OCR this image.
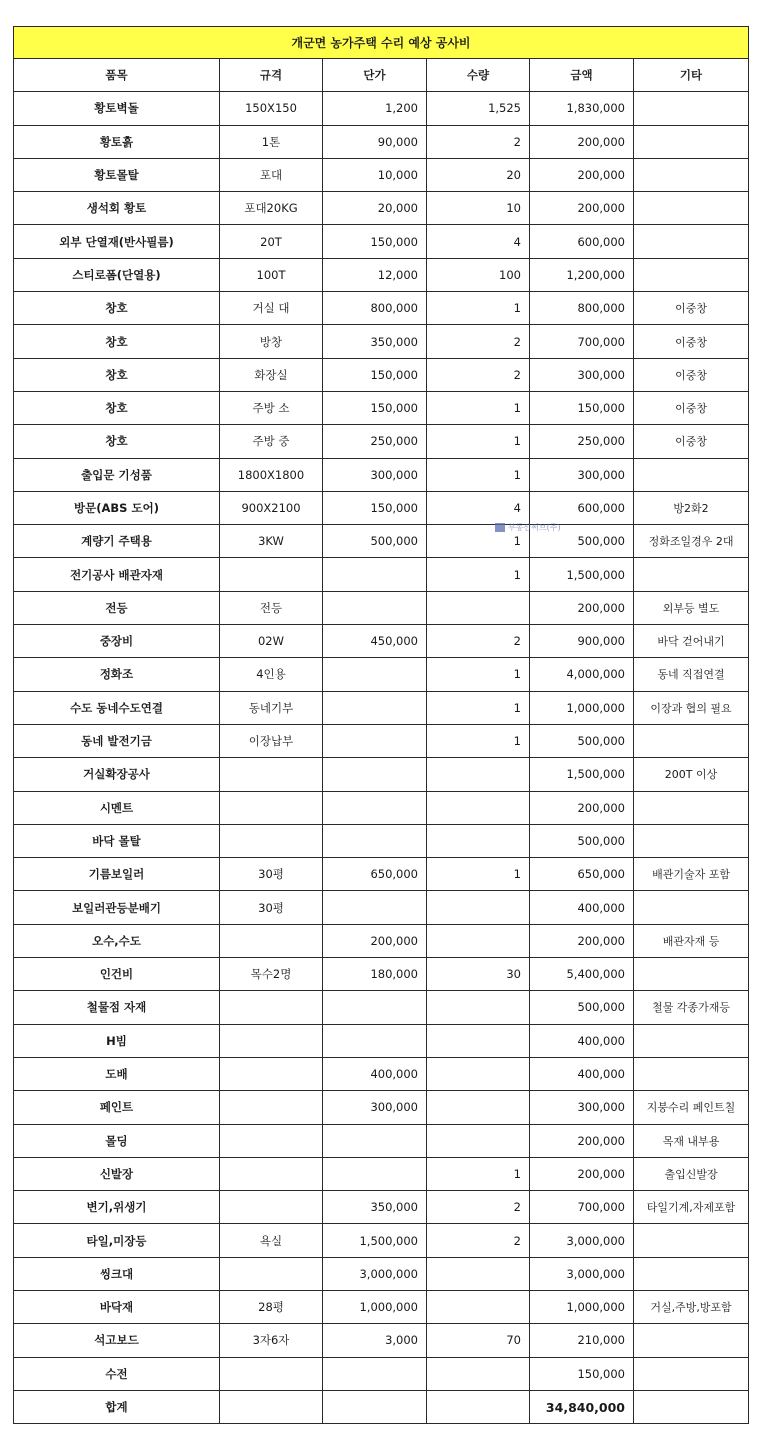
개군면 농가주택 수리 예상 공사비					
품목	규격	단가	수량	금액	기타
황토벽돌	150X150	1,200	1,525	1,830,000	
황토흙	1톤	90,000	2	200,000	
황토몰탈	포대	10,000	20	200,000	
생석회 황토	포대20KG	20,000	10	200,000	
외부 단열재(반사필름)	20T	150,000	4	600,000	
스티로폼(단열용)	100T	12,000	100	1,200,000	
창호	거실 대	800,000	1	800,000	이중창
창호	방창	350,000	2	700,000	이중창
창호	화장실	150,000	2	300,000	이중창
창호	주방 소	150,000	1	150,000	이중창
창호	주방 중	250,000	1	250,000	이중창
출입문 기성품	1800X1800	300,000	1	300,000	
방문(ABS 도어)	900X2100	150,000	4	600,000	방2화2
계량기 주택용	3KW	500,000	1	500,000	정화조일경우 2대
전기공사 배관자재			1	1,500,000	
전등	전등			200,000	외부등 별도
중장비	02W	450,000	2	900,000	바닥 걷어내기
정화조	4인용		1	4,000,000	동네 직접연결
수도 동네수도연결	동네기부		1	1,000,000	이장과 협의 필요
동네 발전기금	이장납부		1	500,000	
거실확장공사				1,500,000	200T 이상
시멘트				200,000	
바닥 몰탈				500,000	
기름보일러	30평	650,000	1	650,000	배관기술자 포함
보일러관등분배기	30평			400,000	
오수,수도		200,000		200,000	배관자재 등
인건비	목수2명	180,000	30	5,400,000	
철물점 자재				500,000	철물 각종가재등
H빔				400,000	
도배		400,000		400,000	
페인트		300,000		300,000	지붕수리 페인트칠
몰딩				200,000	목재 내부용
신발장			1	200,000	출입신발장
변기,위생기		350,000	2	700,000	타일기계,자제포함
타일,미장등	욕실	1,500,000	2	3,000,000	
씽크대		3,000,000		3,000,000	
바닥재	28평	1,000,000		1,000,000	거실,주방,방포함
석고보드	3자6자	3,000	70	210,000	
수전				150,000	
합계				34,840,000	
부동산써브(주)
